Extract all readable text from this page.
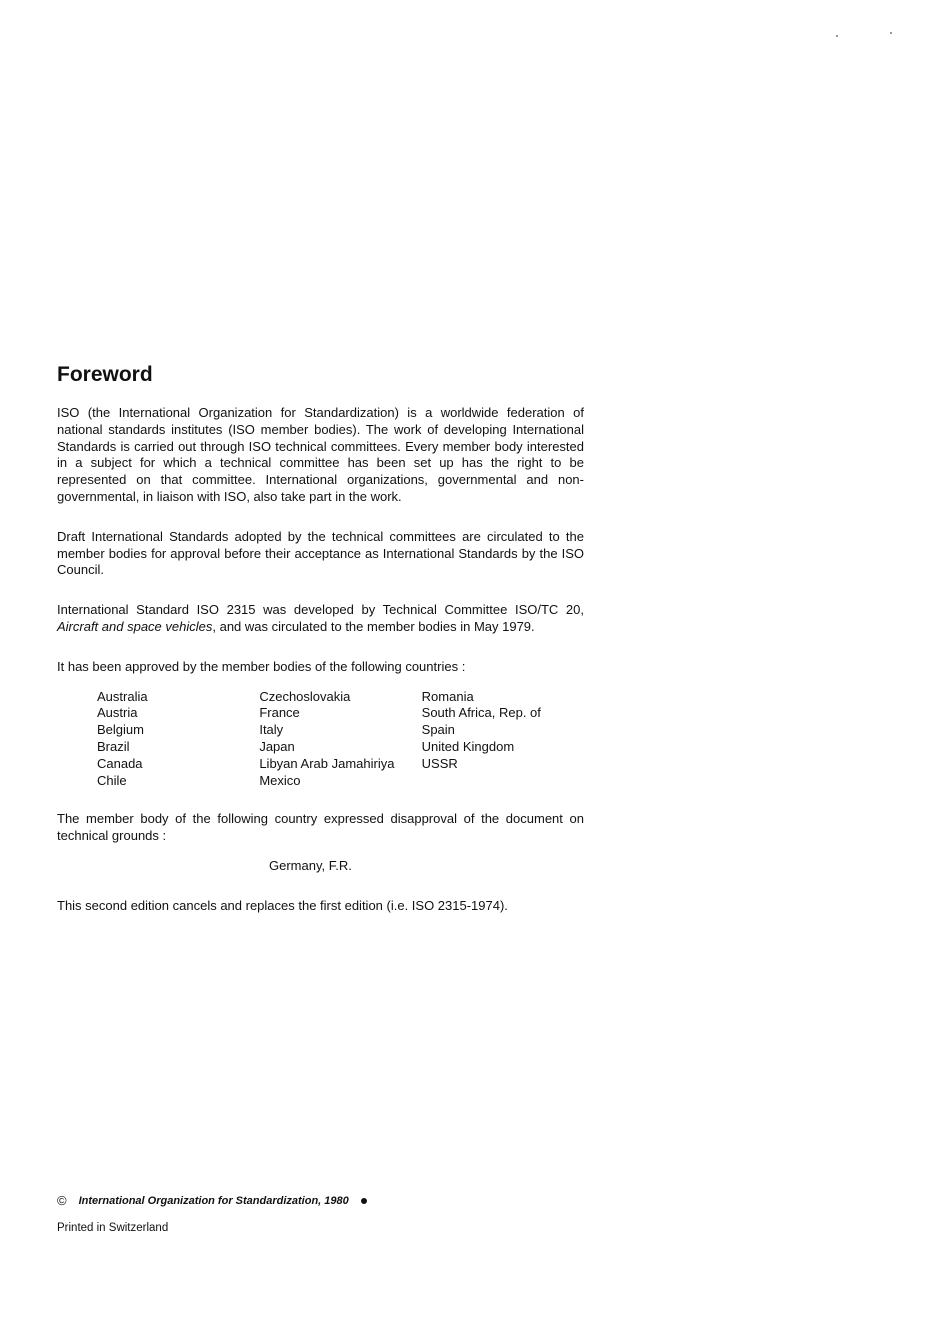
Foreword

ISO (the International Organization for Standardization) is a worldwide federation of national standards institutes (ISO member bodies). The work of developing International Standards is carried out through ISO technical committees. Every member body interested in a subject for which a technical committee has been set up has the right to be represented on that committee. International organizations, governmental and non-governmental, in liaison with ISO, also take part in the work.

Draft International Standards adopted by the technical committees are circulated to the member bodies for approval before their acceptance as International Standards by the ISO Council.

International Standard ISO 2315 was developed by Technical Committee ISO/TC 20, Aircraft and space vehicles, and was circulated to the member bodies in May 1979.

It has been approved by the member bodies of the following countries :

Australia
Austria
Belgium
Brazil
Canada
Chile
Czechoslovakia
France
Italy
Japan
Libyan Arab Jamahiriya
Mexico
Romania
South Africa, Rep. of
Spain
United Kingdom
USSR

The member body of the following country expressed disapproval of the document on technical grounds :

Germany, F.R.

This second edition cancels and replaces the first edition (i.e. ISO 2315-1974).

© International Organization for Standardization, 1980
Printed in Switzerland
